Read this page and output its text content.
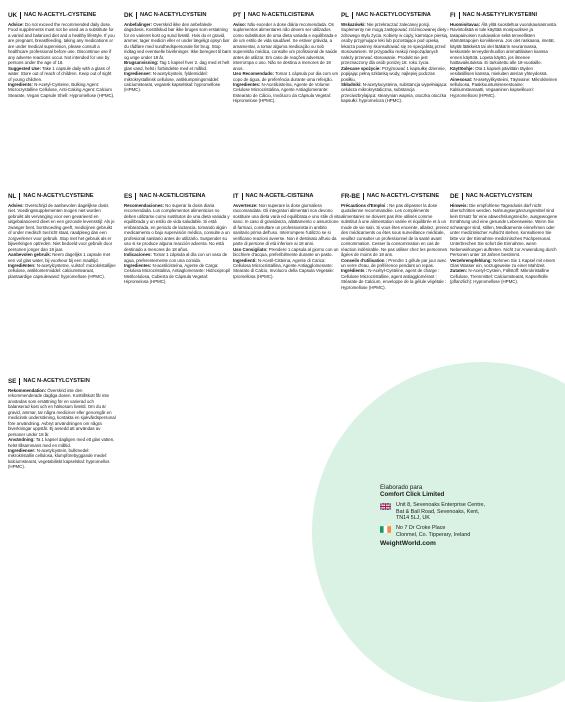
UK	NAC N-ACETYL-CYSTEINE

Advice: Do not exceed the recommended daily dose. Food supplements must not be used as a substitute for a varied and balanced diet and a healthy lifestyle. If you are pregnant, breastfeeding, taking any medications or are under medical supervision, please consult a healthcare professional before use. Discontinue use if any adverse reactions occur. Not intended for use by persons under the age of 18.

Suggested Use: Take 1 capsule daily with a glass of water. Store out of reach of children. Keep out of sight of young children.

Ingredients: N-Acetyl-Cysteine, Bulking Agent: Microcrystalline Cellulose, Anti-Caking Agent: Calcium Stearate, Vegan Capsule Shell: Hypromellose (HPMC).

DK	NAC N-ACETYLCYSTEIN

Anbefalinger: Overskrid ikke den anbefalede dagsdosis. Kosttilskud bør ikke bruges som erstatning for en varieret kost og sund livsstil. Hvis du er gravid, ammer, tager medicin eller er under lægeligt opsyn bør du rådføre med sundhedspersonale før brug. Stop indtag ved eventuelle bivirkninger. Ikke beregnet til børn og unge under 18 år.

Brugsanvisning: Tag 1 kapsel hver 2. dag med et helt glas vand, helst i forbindelse med et måltid.

Ingredienser: N-acetylcystein, fyldemiddel: mikrokrystallinsk cellulose, antiklumpningsmiddel: calciumstearat, vegansk kapselskal: hypromellose (HPMC).

PT	NAC N-ACETILCISTEÍNA

Aviso: Não exceder a dose diária recomendada. Os suplementos alimentares não devem ser utilizados como substitutos de uma dieta variada e equilibrada e de um estilo de vida saudável. Se estiver grávida, a amamentar, a tomar alguma medicação ou sob supervisão médica, consulte um profissional de saúde antes de utilizar. Em caso de reações adversas, interrompa o uso. Não se destina a menores de 18 anos.

Uso Recomendado: Tomar 1 cápsula por dia com um copo de água, de preferência durante uma refeição.

Ingredientes: N-Acetilcisteína, Agente de Volume: Celulose Microcristalina, Agente Antiaglomerante: Estearato de Cálcio, Invólucro da Cápsula Vegetal: Hipromelose (HPMC).

PL	NAC N-ACETYLOCYSTEINA

Wskazówki: Nie przekraczać zalecanej porcji. Suplementy nie mogą zastępować zróżnicowanej diety i zdrowego stylu życia. Kobiety w ciąży, karmiące piersią, osoby przyjmujące leki lub pozostające pod opieką lekarza powinny skonsultować się ze specjalistą przed stosowaniem. W przypadku reakcji niepożądanych należy przerwać stosowanie. Produkt nie jest przeznaczony dla osób poniżej 18. roku życia.

Zalecane spożycie: Przyjmować 1 kapsułkę dziennie, popijając pełną szklanką wody, najlepiej podczas posiłku.

Składniki: N-acetylocysteina, substancja wypełniająca: celuloza mikrokrystaliczna, substancja przeciwzbrylająca: stearynian wapnia, otoczka otoczka kapsułki: hypromeloza (HPMC).

FI	NAC N-ASETYYLIKYSTEIINI

Huomioitavaa: Älä ylitä suositeltua vuorokausiannosta. Ravintolisää ei tule käyttää monipuolisen ja tasapainoisen ruokavalion sekä terveellisten elämäntapojen korvikkeena. Jos olet raskaana, imetät, käytät lääkkeitä tai olet lääkärin seurannassa, keskustele terveydenhuollon ammattilaisen kanssa ennen käyttöä. Lopeta käyttö, jos ilmenee haittavaikutuksia. Ei tarkoitettu alle 18-vuotiaille.

Käyttöohje: Ota 1 kapseli päivittäin täyden vesilasillisen kanssa, mieluiten aterian yhteydessä.

Ainesosat: N-asetyylikysteiini, Täyteaine: Mikrokiteinen selluloosa, Paakkuuntumisenestoaine: Kalsiumstearaatti, Vegaaninen kapselikuori: Hypromelloosi (HPMC).

NL	NAC N-ACETYLCYSTEÏNE

Advies: Overschrijd de aanbevolen dagelijkse dosis niet. Voedingssupplementen mogen niet worden gebruikt als vervanging voor een gevarieerd en uitgebalanceerd dieet en een gezonde levensstijl. Als je zwanger bent, borstvoeding geeft, medicijnen gebruikt of onder medisch toezicht staat, raadpleeg dan een zorgverlener voor gebruik. Stop met het gebruik als er bijwerkingen optreden. Niet bedoeld voor gebruik door personen jonger dan 18 jaar.

Aanbevolen gebruik: Neem dagelijks 1 capsule met een vol glas water, bij voorkeur bij een maaltijd.

Ingrediënten: N-acetylcysteïne, vulstof: microkristallijne cellulose, antiklontermiddel: calciumstearaat, plantaardige capsulewand: hypromellose (HPMC).

ES	NAC N-ACETILCISTEÍNA

Recomendaciones: No superar la dosis diaria recomendada. Los complementos alimenticios no deben utilizarse como sustitutos de una dieta variada y equilibrada y un estilo de vida saludable. Si está embarazada, en periodo de lactancia, tomando algún medicamento o bajo supervisión médica, consulte a un profesional sanitario antes de utilizarlo. Suspender su uso si se produce alguna reacción adversa. No está destinado a menores de 18 años.

Indicaciones: Tomar 1 cápsula al día con un vaso de agua, preferentemente con una comida.

Ingredientes: N-acetilcisteína, Agente de Carga: Celulosa Microcristalina, Antiaglomerante: Hidroxipropil Metilcelulosa, Cubierta de Cápsula Vegetal: Hipromelosa (HPMC).

IT	NAC N-ACETIL-CISTEINA

Avvertenze: Non superare la dose giornaliera raccomandata. Gli integratori alimentari non devono sostituire una dieta varia ed equilibrata e uno stile di vita sano. In caso di gravidanza, allattamento o assunzione di farmaci, consultare un professionista in ambito sanitario prima dell'uso. Interrompere l'utilizzo se si verificano reazioni avverse. Non è destinato all'uso da parte di persone di età inferiore ai 18 anni.

Uso Consigliato: Prendere 1 capsula al giorno con un bicchiere d'acqua, preferibilmente durante un pasto.

Ingredienti: N-Acetil-Cisteina, Agente di Carica: Cellulosa Microcristallina, Agente Antiagglomerante: Stearato di Calcio, Involucro della Capsula Vegetale: Ipromellosa (HPMC).

FR-BE	NAC N-ACÉTYL-CYSTÉINE

Précautions d'Emploi : Ne pas dépasser la dose quotidienne recommandée. Les compléments alimentaires ne doivent pas être utilisés comme substitut à une alimentation variée et équilibrée et à un mode de vie sain. Si vous êtes enceinte, allaitez, prenez des médicaments ou êtes sous surveillance médicale, veuillez consulter un professionnel de la santé avant consommation. Cesser la consommation en cas de réaction indésirable. Ne pas utiliser chez les personnes âgées de moins de 18 ans.

Conseils d'utilisation : Prendre 1 gélule par jour avec un verre d'eau, de préférence pendant un repas.

Ingrédients : N-Acétyl-Cystéine, agent de charge : Cellulose Microcristalline, agent antiagglomérant : Stéarate de Calcium, enveloppe de la gélule végétale : Hypromellose (HPMC).

DE	NAC N-ACETYLCYSTEIN

Hinweis: Die empfohlene Tagesdosis darf nicht überschritten werden. Nahrungsergänzungsmittel sind kein Ersatz für eine abwechslungsreiche, ausgewogene Ernährung und eine gesunde Lebensweise. Wenn Sie schwanger sind, stillen, Medikamente einnehmen oder unter medizinischer Aufsicht stehen, konsultieren Sie bitte vor der Einnahme medizinisches Fachpersonal. Unterbrechen Sie sofort die Einnahme, wenn Nebenwirkungen auftreten. Nicht zur Anwendung durch Personen unter 18 Jahren bestimmt.

Verzehrempfehlung: Nehmen Sie 1 Kapsel mit einem Glas Wasser ein, vorzugsweise zu einer Mahlzeit.

Zutaten: N-Acetyl-Cystein, Füllstoff: Mikrokristalline Cellulose, Trennmittel: Calciumstearat, Kapselhülle (pflanzlich): Hypromellose (HPMC).

SE	NAC N-ACETYLCYSTEIN

Rekommendation: Överskrid inte den rekommenderade dagliga dosen. Kosttillskott får inte användas som ersättning för en varierad och balanserad kost och en hälsosam livsstil. Om du är gravid, ammar, tar några mediciner eller genomgår en medicinsk undersökning, kontakta en sjukvårdspersonal före användning. Avbryt användningen om några biverkningar uppstår. Ej avsedd att användas av personer under 18 år.

Användning: Ta 1 kapsel dagligen med ett glas vatten, helst tillsammans med en måltid.

Ingredienser: N-acetylcystein, bulkmedel: mikrokristallin cellulosa, klumpförebyggande medel: kalciumstearat, vegetabiliskt kapselskal: hypromellos (HPMC).

Elaborado para
Comfort Click Limited
Unit 8, Sevenoaks Enterprise Centre,
Bat & Ball Road, Sevenoaks, Kent,
TN14 5LJ, UK
No 7 Dr Croke Place
Clonmel, Co. Tipperary, Ireland
WeightWorld.com
